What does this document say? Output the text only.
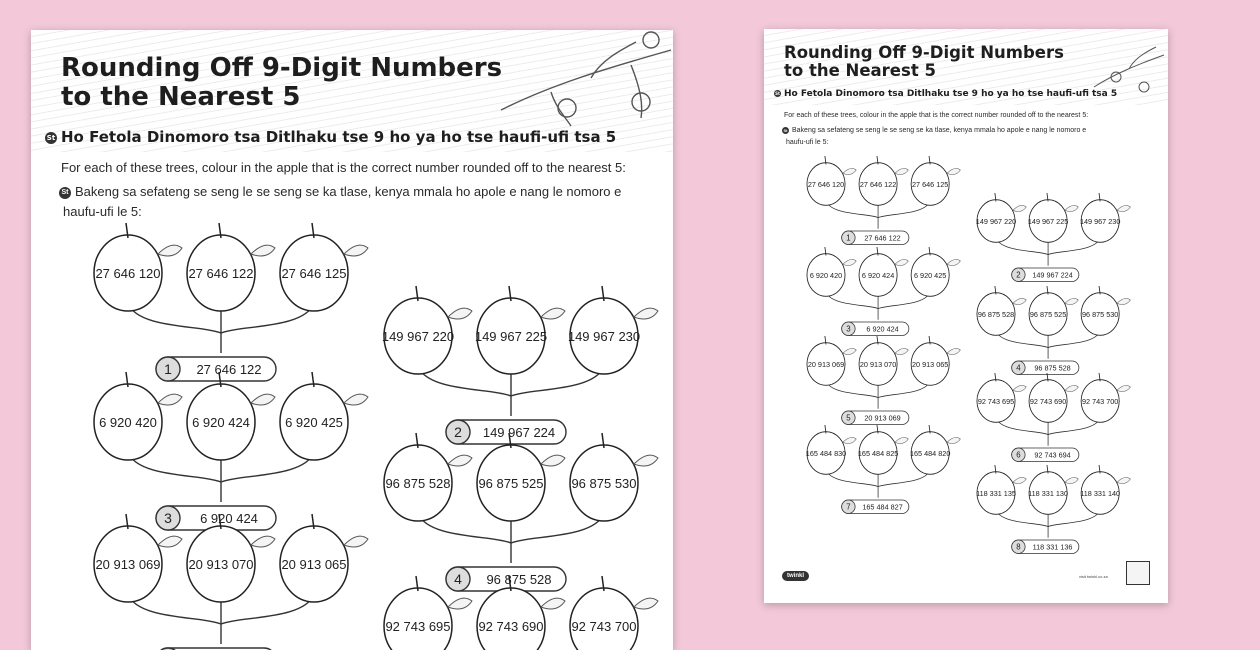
Rounding Off 9-Digit Numbers
to the Nearest 5
St Ho Fetola Dinomoro tsa Ditlhaku tse 9 ho ya ho tse haufi-ufi tsa 5
For each of these trees, colour in the apple that is the correct number rounded off to the nearest 5:
St Bakeng sa sefateng se seng le se seng se ka tlase, kenya mmala ho apole e nang le nomoro e
haufu-ufi le 5:
27 646 120 27 646 122 27 646 125
1 27 646 122
149 967 220 149 967 225 149 967 230
2 149 967 224
6 920 420	6 920 424	6 920 425
3 6 920 424
96 875 528 96 875 525 96 875 530
4 96 875 528
20 913 069 20 913 070 20 913 065
92 743 695 92 743 690 92 743 700
Rounding Off 9-Digit Numbers
to the Nearest 5
St Ho Fetola Dinomoro tsa Ditlhaku tse 9 ho ya ho tse haufi-ufi tsa 5
For each of these trees, colour in the apple that is the correct number rounded off to the nearest 5:
St Bakeng sa sefateng se seng le se seng se ka tlase, kenya mmala ho apole e nang le nomoro e
haufu-ufi le 5:
twinkl	visit twinkl.co.za
27 646 120 27 646 122 27 646 125
1 27 646 122
149 967 220 149 967 225 149 967 230
2 149 967 224
6 920 420	6 920 424	6 920 425
3 6 920 424
96 875 528 96 875 525 96 875 530
4 96 875 528
20 913 069 20 913 070 20 913 065
5 20 913 069
92 743 695 92 743 690 92 743 700
6 92 743 694
165 484 830 165 484 825 165 484 820
7 165 484 827
118 331 135 118 331 130 118 331 140
8 118 331 136
